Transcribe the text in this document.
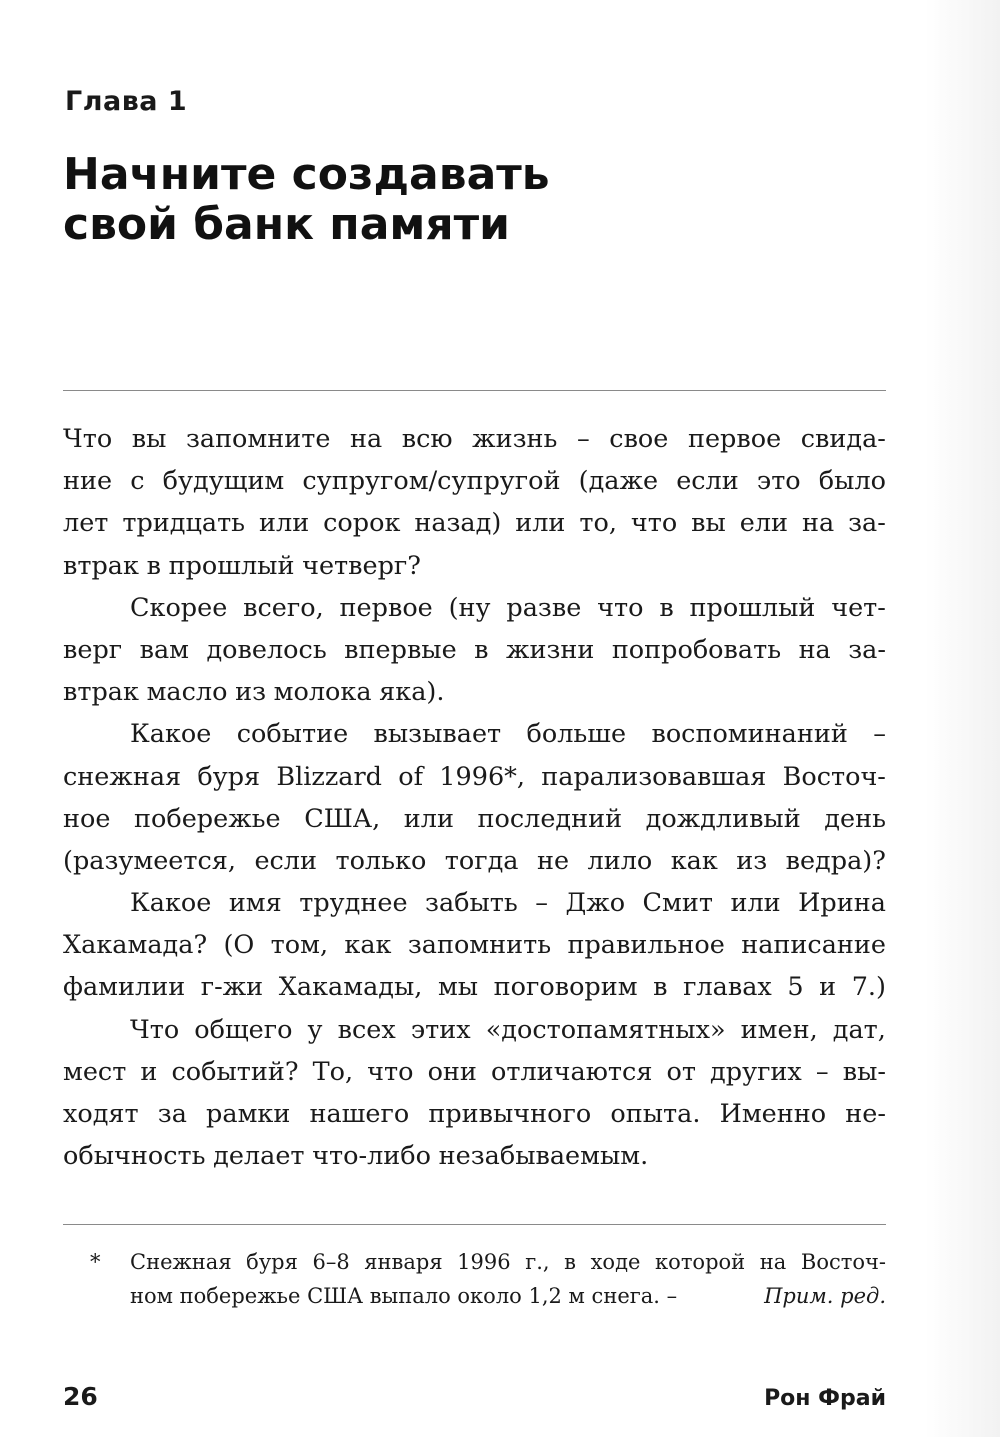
Глава 1
Начните создавать
свой банк памяти
Что вы запомните на всю жизнь – свое первое свида-
ние с будущим супругом/супругой (даже если это было
лет тридцать или сорок назад) или то, что вы ели на за-
втрак в прошлый четверг?
Скорее всего, первое (ну разве что в прошлый чет-
верг вам довелось впервые в жизни попробовать на за-
втрак масло из молока яка).
Какое событие вызывает больше воспоминаний –
снежная буря Blizzard of 1996*, парализовавшая Восточ-
ное побережье США, или последний дождливый день
(разумеется, если только тогда не лило как из ведра)?
Какое имя труднее забыть – Джо Смит или Ирина
Хакамада? (О том, как запомнить правильное написание
фамилии г-жи Хакамады, мы поговорим в главах 5 и 7.)
Что общего у всех этих «достопамятных» имен, дат,
мест и событий? То, что они отличаются от других – вы-
ходят за рамки нашего привычного опыта. Именно не-
обычность делает что-либо незабываемым.
* Снежная буря 6–8 января 1996 г., в ходе которой на Восточ-
ном побережье США выпало около 1,2 м снега. –	Прим. ред.
26	Рон Фрай
